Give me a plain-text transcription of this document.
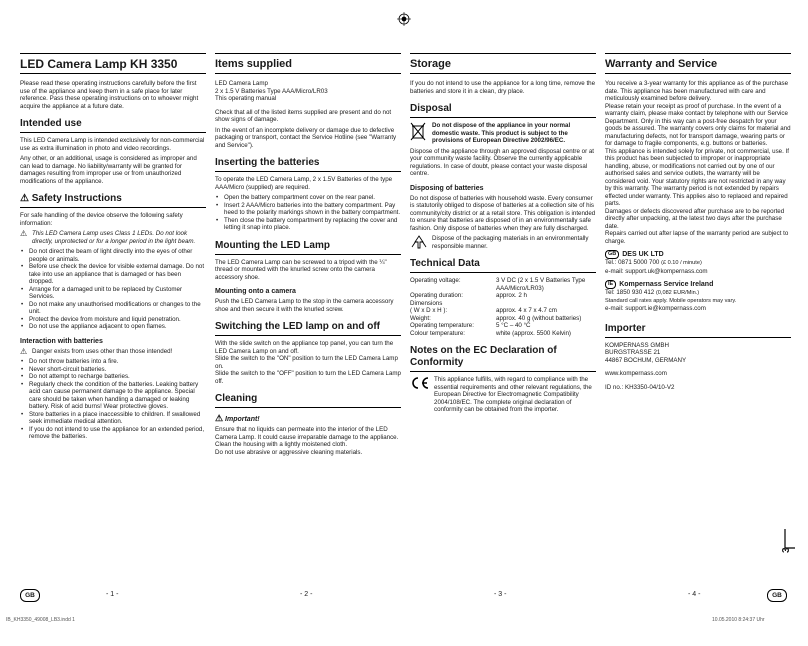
LED Camera Lamp KH 3350

Please read these operating instructions carefully before the first use of the appliance and keep them in a safe place for later reference. Pass these operating instructions on to whoever might acquire the appliance at a future date.

Intended use

This LED Camera Lamp is intended exclusively for non-commercial use as extra illumination in photo and video recordings.

Any other, or an additional, usage is considered as improper and can lead to damage. No liability/warranty will be granted for damages resulting from improper use or from unauthorized modifications of the appliance.

⚠ Safety Instructions

For safe handling of the device observe the following safety information:

⚠ This LED Camera Lamp uses Class 1 LEDs. Do not look directly, unprotected or for a longer period in the light beam.
• Do not direct the beam of light directly into the eyes of other people or animals.
• Before use check the device for visible external damage. Do not take into use an appliance that is damaged or has been dropped.
• Arrange for a damaged unit to be replaced by Customer Services.
• Do not make any unauthorised modifications or changes to the unit.
• Protect the device from moisture and liquid penetration.
• Do not use the appliance adjacent to open flames.
Interaction with batteries
⚠ Danger exists from uses other than those intended!
• Do not throw batteries into a fire.
• Never short-circuit batteries.
• Do not attempt to recharge batteries.
• Regularly check the condition of the batteries. Leaking battery acid can cause permanent damage to the appliance. Special care should be taken when handling a damaged or leaking battery. Risk of acid burns! Wear protective gloves.
• Store batteries in a place inaccessible to children. If swallowed seek immediate medical attention.
• If you do not intend to use the appliance for an extended period, remove the batteries.
Items supplied

LED Camera Lamp
2 x 1.5 V Batteries Type AAA/Micro/LR03
This operating manual

Check that all of the listed items supplied are present and do not show signs of damage.

In the event of an incomplete delivery or damage due to defective packaging or transport, contact the Service Hotline (see "Warranty and Service").

Inserting the batteries

To operate the LED Camera Lamp, 2 x 1.5V Batteries of the type AAA/Micro (supplied) are required.

• Open the battery compartment cover on the rear panel.
• Insert 2 AAA/Micro batteries into the battery compartment. Pay heed to the polarity markings shown in the battery compartment.
• Then close the battery compartment by replacing the cover and letting it snap into place.
Mounting the LED Lamp

The LED Camera Lamp can be screwed to a tripod with the ¼" thread or mounted with the knurled screw onto the camera accessory shoe.

Mounting onto a camera

Push the LED Camera Lamp to the stop in the camera accessory shoe and then secure it with the knurled screw.

Switching the LED lamp on and off

With the slide switch on the appliance top panel, you can turn the LED Camera Lamp on and off.

Slide the switch to the "ON" position to turn the LED Camera Lamp on.

Slide the switch to the "OFF" position to turn the LED Camera Lamp off.

Cleaning
⚠ Important!

Ensure that no liquids can permeate into the interior of the LED Camera Lamp. It could cause irreparable damage to the appliance.

Clean the housing with a lightly moistened cloth.

Do not use abrasive or aggressive cleaning materials.

Storage

If you do not intend to use the appliance for a long time, remove the batteries and store it in a clean, dry place.

Disposal
Do not dispose of the appliance in your normal domestic waste. This product is subject to the provisions of European Directive 2002/96/EC.

Dispose of the appliance through an approved disposal centre or at your community waste facility. Observe the currently applicable regulations. In case of doubt, please contact your waste disposal centre.

Disposing of batteries

Do not dispose of batteries with household waste. Every consumer is statutorily obliged to dispose of batteries at a collection site of his community/city district or at a retail store. This obligation is intended to ensure that batteries are disposed of in an environmentally safe fashion. Only dispose of batteries when they are fully discharged.

Dispose of the packaging materials in an environmentally responsible manner.
Technical Data
Operating voltage:	3 V DC (2 x 1.5 V Batteries Type AAA/Micro/LR03)
Operating duration:	approx. 2 h
Dimensions	
( W x D x H ):	approx. 4 x 7 x 4.7 cm
Weight:	approx. 40 g (without batteries)
Operating temperature:	5 °C – 40 °C
Colour temperature:	white (approx. 5500 Kelvin)
Notes on the EC Declaration of Conformity
This appliance fulfills, with regard to compliance with the essential requirements and other relevant regulations, the European Directive for Electromagnetic Compatibility 2004/108/EC. The complete original declaration of conformity can be obtained from the importer.
Warranty and Service

You receive a 3-year warranty for this appliance as of the purchase date. This appliance has been manufactured with care and meticulously examined before delivery.

Please retain your receipt as proof of purchase. In the event of a warranty claim, please make contact by telephone with our Service Department. Only in this way can a post-free despatch for your goods be assured. The warranty covers only claims for material and manufacturing defects, not for transport damage, wearing parts or for damage to fragile components, e.g. buttons or batteries.

This appliance is intended solely for private, not commercial, use. If this product has been subjected to improper or inappropriate handling, abuse, or modifications not carried out by one of our authorised sales and service outlets, the warranty will be considered void. Your statutory rights are not restricted in any way by this warranty. The warranty period is not extended by repairs effected under warranty. This applies also to replaced and repaired parts.

Damages or defects discovered after purchase are to be reported directly after unpacking, at the latest two days after the purchase date.

Repairs carried out after lapse of the warranty period are subject to charge.

GB DES UK LTD
Tel.: 0871 5000 700 (£ 0.10 / minute)
e-mail: support.uk@kompernass.com
IE Kompernass Service Ireland
Tel: 1850 930 412 (0,082 EUR/Min.)
Standard call rates apply. Mobile operators may vary.
e-mail: support.ie@kompernass.com
Importer

KOMPERNASS GMBH
BURGSTRASSE 21
44867 BOCHUM, GERMANY

www.kompernass.com

ID no.: KH3350-04/10-V2

3
GB	- 1 -	- 2 -	- 3 -	- 4 -	GB
IB_KH3350_49008_LB3.indd 1	10.05.2010 8:24:37 Uhr
